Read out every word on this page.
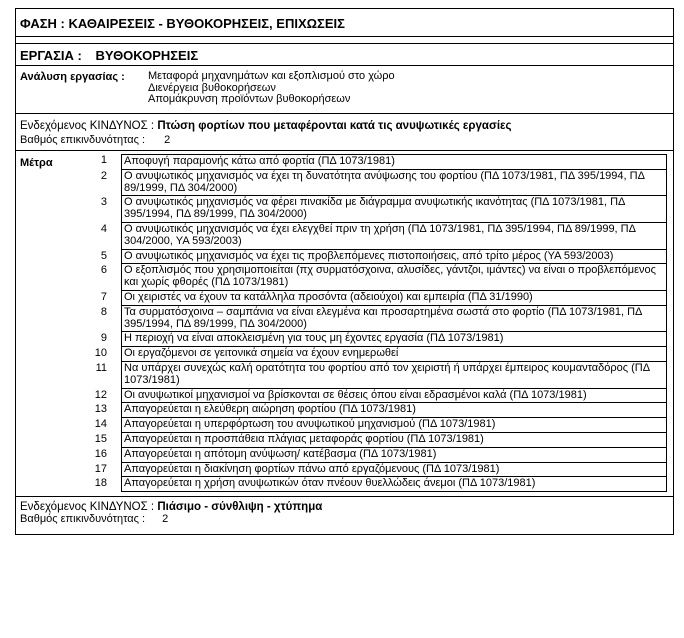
ΦΑΣΗ : ΚΑΘΑΙΡΕΣΕΙΣ - ΒΥΘΟΚΟΡΗΣΕΙΣ, ΕΠΙΧΩΣΕΙΣ
ΕΡΓΑΣΙΑ : ΒΥΘΟΚΟΡΗΣΕΙΣ
Ανάλυση εργασίας :	Μεταφορά μηχανημάτων και εξοπλισμού στο χώρο
Διενέργεια βυθοκορήσεων
Απομάκρυνση προϊόντων βυθοκορήσεων
Ενδεχόμενος ΚΙΝΔΥΝΟΣ : Πτώση φορτίων που μεταφέρονται κατά τις ανυψωτικές εργασίες
Βαθμός επικινδυνότητας : 2
Μέτρα	1	Αποφυγή παραμονής κάτω από φορτία (ΠΔ 1073/1981)
2	Ο ανυψωτικός μηχανισμός να έχει τη δυνατότητα ανύψωσης του φορτίου (ΠΔ 1073/1981, ΠΔ 395/1994, ΠΔ 89/1999, ΠΔ 304/2000)
3	Ο ανυψωτικός μηχανισμός να φέρει πινακίδα με διάγραμμα ανυψωτικής ικανότητας (ΠΔ 1073/1981, ΠΔ 395/1994, ΠΔ 89/1999, ΠΔ 304/2000)
4	Ο ανυψωτικός μηχανισμός να έχει ελεγχθεί πριν τη χρήση (ΠΔ 1073/1981, ΠΔ 395/1994, ΠΔ 89/1999, ΠΔ 304/2000, ΥΑ 593/2003)
5	Ο ανυψωτικός μηχανισμός να έχει τις προβλεπόμενες πιστοποιήσεις, από τρίτο μέρος (ΥΑ 593/2003)
6	Ο εξοπλισμός που χρησιμοποιείται (πχ συρματόσχοινα, αλυσίδες, γάντζοι, ιμάντες) να είναι ο προβλεπόμενος και χωρίς φθορές (ΠΔ 1073/1981)
7	Οι χειριστές να έχουν τα κατάλληλα προσόντα (αδειούχοι) και εμπειρία (ΠΔ 31/1990)
8	Τα συρματόσχοινα – σαμπάνια να είναι ελεγμένα και προσαρτημένα σωστά στο φορτίο (ΠΔ 1073/1981, ΠΔ 395/1994, ΠΔ 89/1999, ΠΔ 304/2000)
9	Η περιοχή να είναι αποκλεισμένη για τους μη έχοντες εργασία (ΠΔ 1073/1981)
10	Οι εργαζόμενοι σε γειτονικά σημεία να έχουν ενημερωθεί
11	Να υπάρχει συνεχώς καλή ορατότητα του φορτίου από τον χειριστή ή υπάρχει έμπειρος κουμανταδόρος (ΠΔ 1073/1981)
12	Οι ανυψωτικοί μηχανισμοί να βρίσκονται σε θέσεις όπου είναι εδρασμένοι καλά (ΠΔ 1073/1981)
13	Απαγορεύεται η ελεύθερη αιώρηση φορτίου (ΠΔ 1073/1981)
14	Απαγορεύεται η υπερφόρτωση του ανυψωτικού μηχανισμού (ΠΔ 1073/1981)
15	Απαγορεύεται η προσπάθεια πλάγιας μεταφοράς φορτίου (ΠΔ 1073/1981)
16	Απαγορεύεται η απότομη ανύψωση/ κατέβασμα (ΠΔ 1073/1981)
17	Απαγορεύεται η διακίνηση φορτίων πάνω από εργαζόμενους (ΠΔ 1073/1981)
18	Απαγορεύεται η χρήση ανυψωτικών όταν πνέουν θυελλώδεις άνεμοι (ΠΔ 1073/1981)
Ενδεχόμενος ΚΙΝΔΥΝΟΣ : Πιάσιμο - σύνθλιψη - χτύπημα
Βαθμός επικινδυνότητας : 2
